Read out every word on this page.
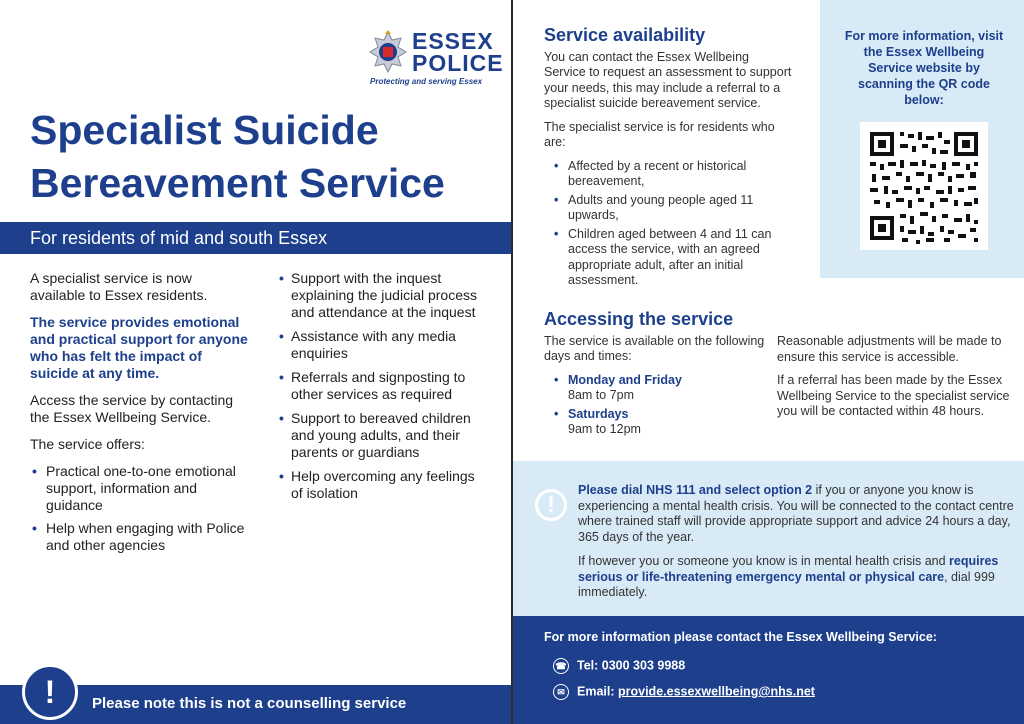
ESSEX
POLICE
Protecting and serving Essex
Specialist Suicide Bereavement Service
For residents of mid and south Essex

A specialist service is now available to Essex residents.

The service provides emotional and practical support for anyone who has felt the impact of suicide at any time.

Access the service by contacting the Essex Wellbeing Service.

The service offers:

• Practical one-to-one emotional support, information and guidance
• Help when engaging with Police and other agencies
• Support with the inquest explaining the judicial process and attendance at the inquest
• Assistance with any media enquiries
• Referrals and signposting to other services as required
• Support to bereaved children and young adults, and their parents or guardians
• Help overcoming any feelings of isolation
!	Please note this is not a counselling service
Service availability

You can contact the Essex Wellbeing Service to request an assessment to support your needs, this may include a referral to a specialist suicide bereavement service.

The specialist service is for residents who are:

• Affected by a recent or historical bereavement,
• Adults and young people aged 11 upwards,
• Children aged between 4 and 11 can access the service, with an agreed appropriate adult, after an initial assessment.
For more information, visit the Essex Wellbeing Service website by scanning the QR code below:
Accessing the service

The service is available on the following days and times:

• Monday and Friday
8am to 7pm
• Saturdays
9am to 12pm

Reasonable adjustments will be made to ensure this service is accessible.

If a referral has been made by the Essex Wellbeing Service to the specialist service you will be contacted within 48 hours.

!

Please dial NHS 111 and select option 2 if you or anyone you know is experiencing a mental health crisis. You will be connected to the contact centre where trained staff will provide appropriate support and advice 24 hours a day, 365 days of the year.

If however you or someone you know is in mental health crisis and requires serious or life-threatening emergency mental or physical care, dial 999 immediately.

For more information please contact the Essex Wellbeing Service:
☎ Tel: 0300 303 9988
✉ Email: provide.essexwellbeing@nhs.net
